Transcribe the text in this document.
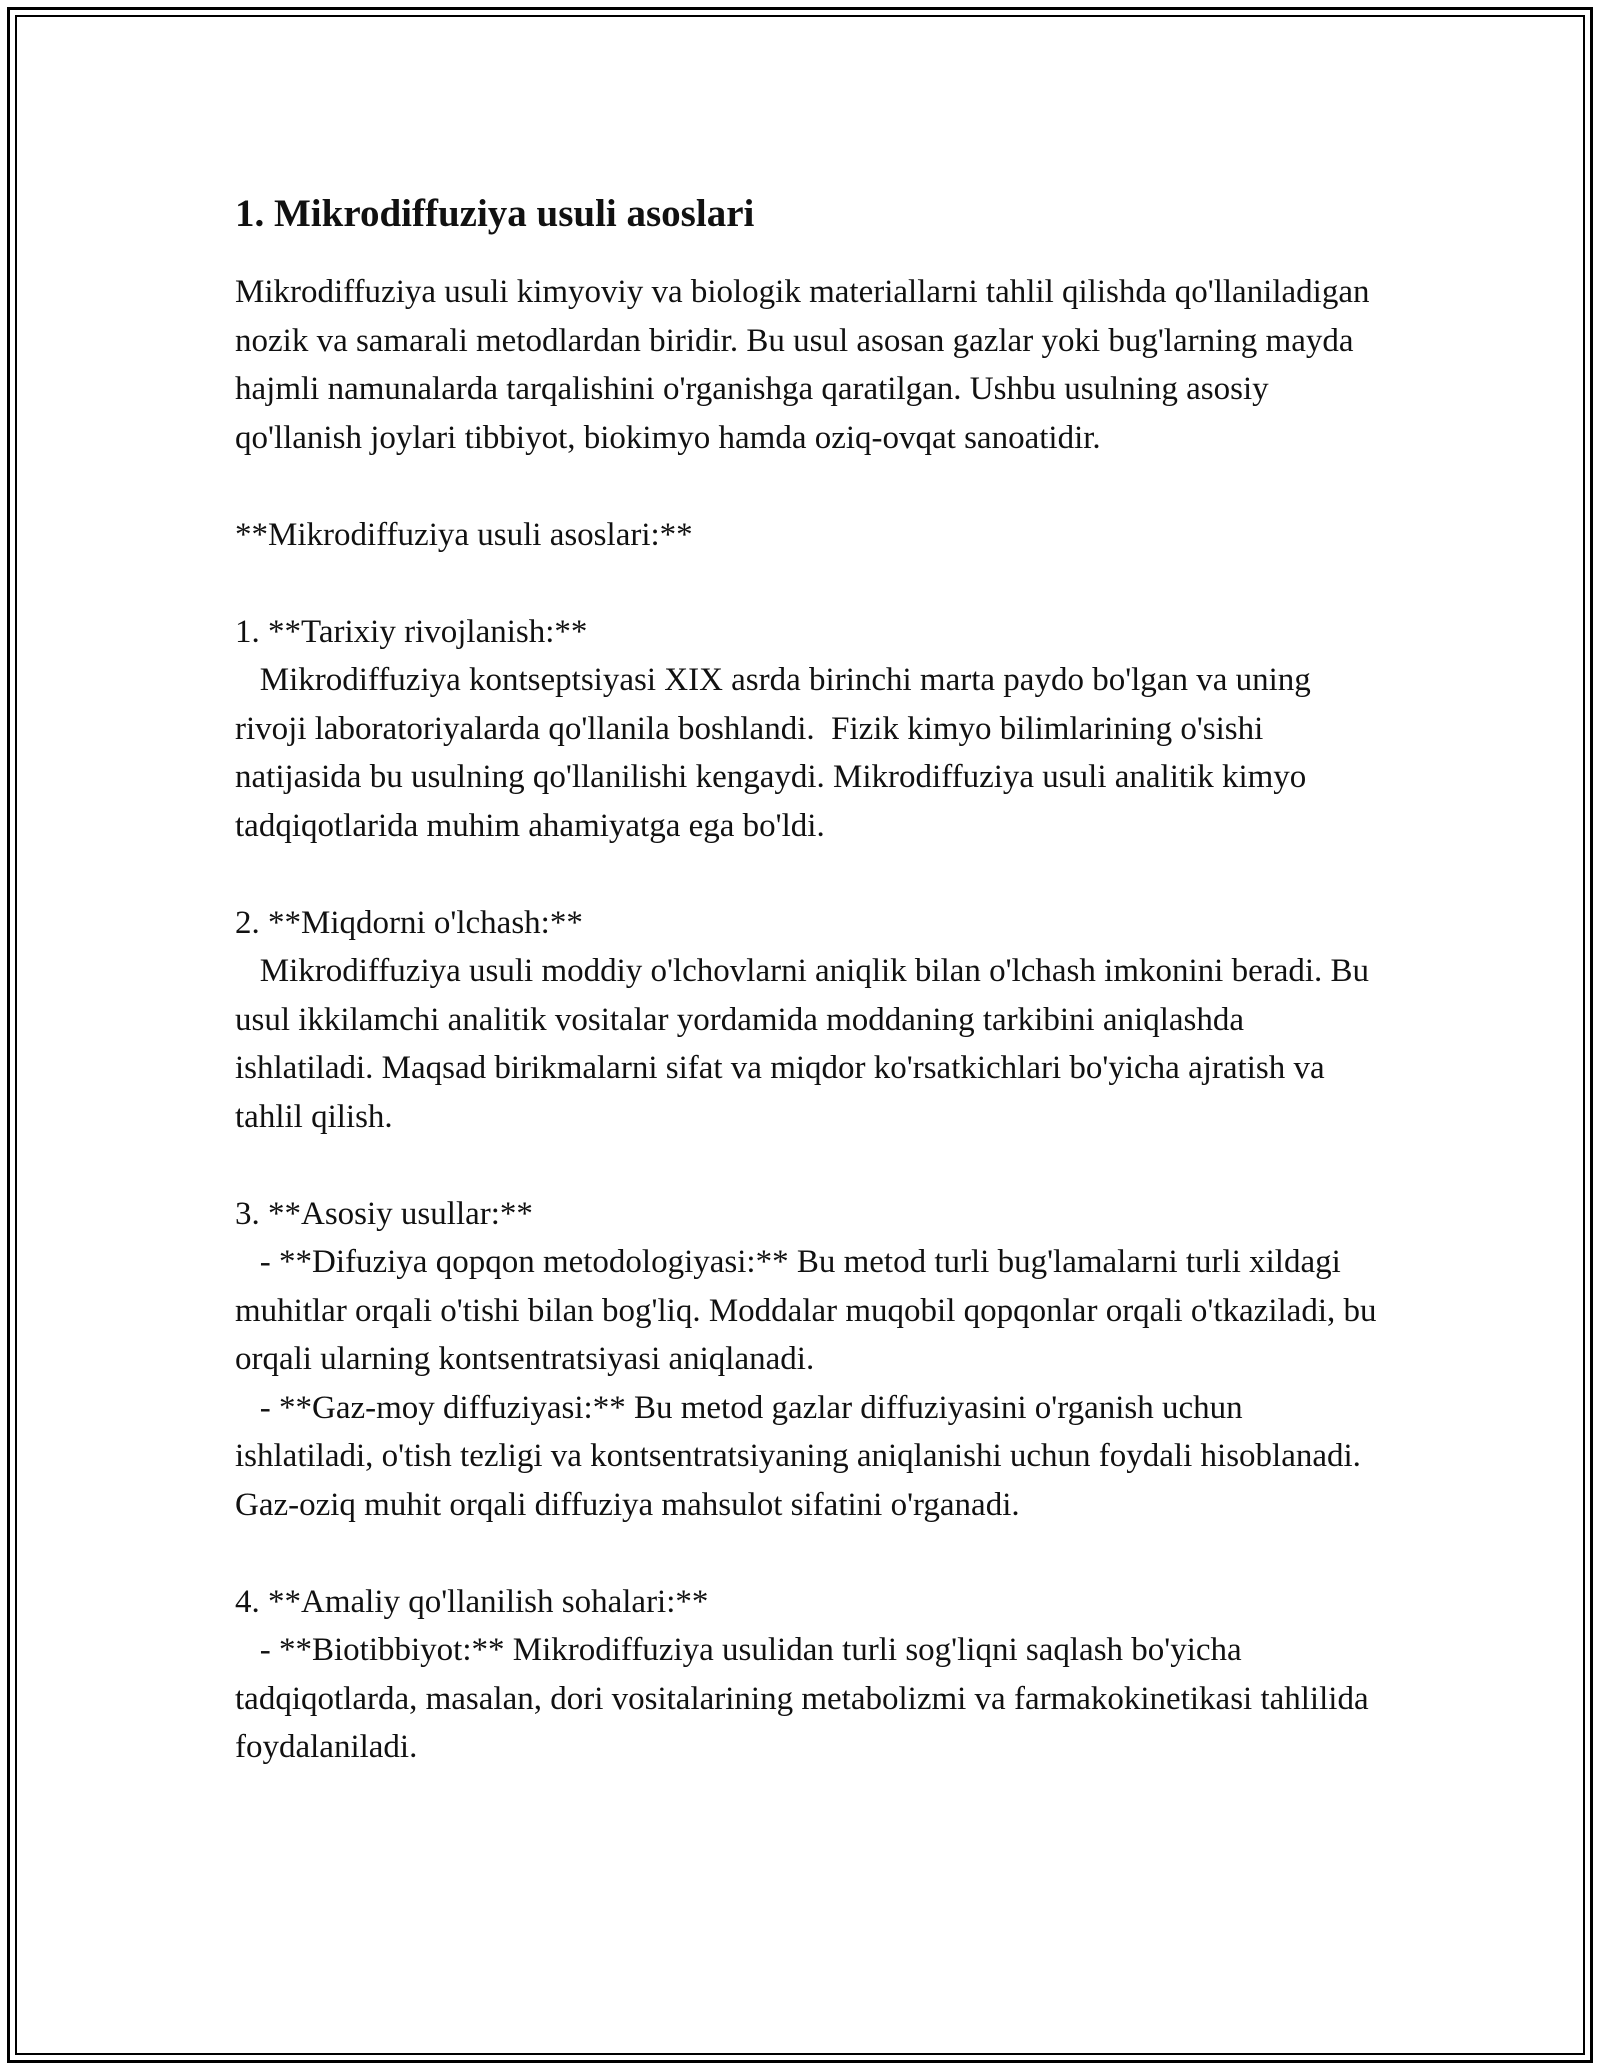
1. Mikrodiffuziya usuli asoslari

Mikrodiffuziya usuli kimyoviy va biologik materiallarni tahlil qilishda qo'llaniladigan nozik va samarali metodlardan biridir. Bu usul asosan gazlar yoki bug'larning mayda hajmli namunalarda tarqalishini o'rganishga qaratilgan. Ushbu usulning asosiy qo'llanish joylari tibbiyot, biokimyo hamda oziq-ovqat sanoatidir.

**Mikrodiffuziya usuli asoslari:**

1. **Tarixiy rivojlanish:**

Mikrodiffuziya kontseptsiyasi XIX asrda birinchi marta paydo bo'lgan va uning rivoji laboratoriyalarda qo'llanila boshlandi.  Fizik kimyo bilimlarining o'sishi natijasida bu usulning qo'llanilishi kengaydi. Mikrodiffuziya usuli analitik kimyo tadqiqotlarida muhim ahamiyatga ega bo'ldi.

2. **Miqdorni o'lchash:**

Mikrodiffuziya usuli moddiy o'lchovlarni aniqlik bilan o'lchash imkonini beradi. Bu usul ikkilamchi analitik vositalar yordamida moddaning tarkibini aniqlashda ishlatiladi. Maqsad birikmalarni sifat va miqdor ko'rsatkichlari bo'yicha ajratish va tahlil qilish.

3. **Asosiy usullar:**

- **Difuziya qopqon metodologiyasi:** Bu metod turli bug'lamalarni turli xildagi muhitlar orqali o'tishi bilan bog'liq. Moddalar muqobil qopqonlar orqali o'tkaziladi, bu orqali ularning kontsentratsiyasi aniqlanadi.

- **Gaz-moy diffuziyasi:** Bu metod gazlar diffuziyasini o'rganish uchun ishlatiladi, o'tish tezligi va kontsentratsiyaning aniqlanishi uchun foydali hisoblanadi. Gaz-oziq muhit orqali diffuziya mahsulot sifatini o'rganadi.

4. **Amaliy qo'llanilish sohalari:**

- **Biotibbiyot:** Mikrodiffuziya usulidan turli sog'liqni saqlash bo'yicha tadqiqotlarda, masalan, dori vositalarining metabolizmi va farmakokinetikasi tahlilida foydalaniladi.
